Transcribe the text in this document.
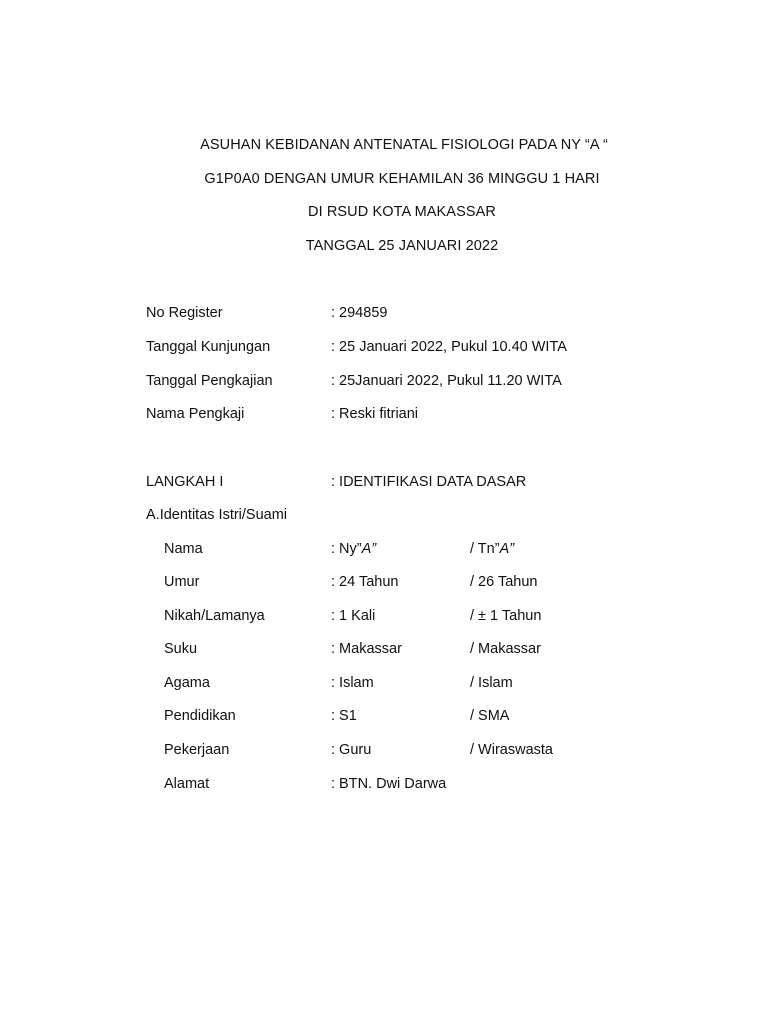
ASUHAN KEBIDANAN ANTENATAL FISIOLOGI PADA NY “A “
G1P0A0 DENGAN UMUR KEHAMILAN 36 MINGGU 1 HARI
DI RSUD KOTA MAKASSAR
TANGGAL 25 JANUARI 2022
No Register	: 294859
Tanggal Kunjungan	: 25 Januari 2022, Pukul 10.40 WITA
Tanggal Pengkajian	: 25Januari 2022, Pukul 11.20 WITA
Nama Pengkaji	: Reski fitriani
LANGKAH I	: IDENTIFIKASI DATA DASAR
A.Identitas Istri/Suami
Nama	: Ny”A”	/ Tn”A”
Umur	: 24 Tahun	/ 26 Tahun
Nikah/Lamanya	: 1 Kali	/ ± 1 Tahun
Suku	: Makassar	/ Makassar
Agama	: Islam	/ Islam
Pendidikan	: S1	/ SMA
Pekerjaan	: Guru	/ Wiraswasta
Alamat	: BTN. Dwi Darwa
